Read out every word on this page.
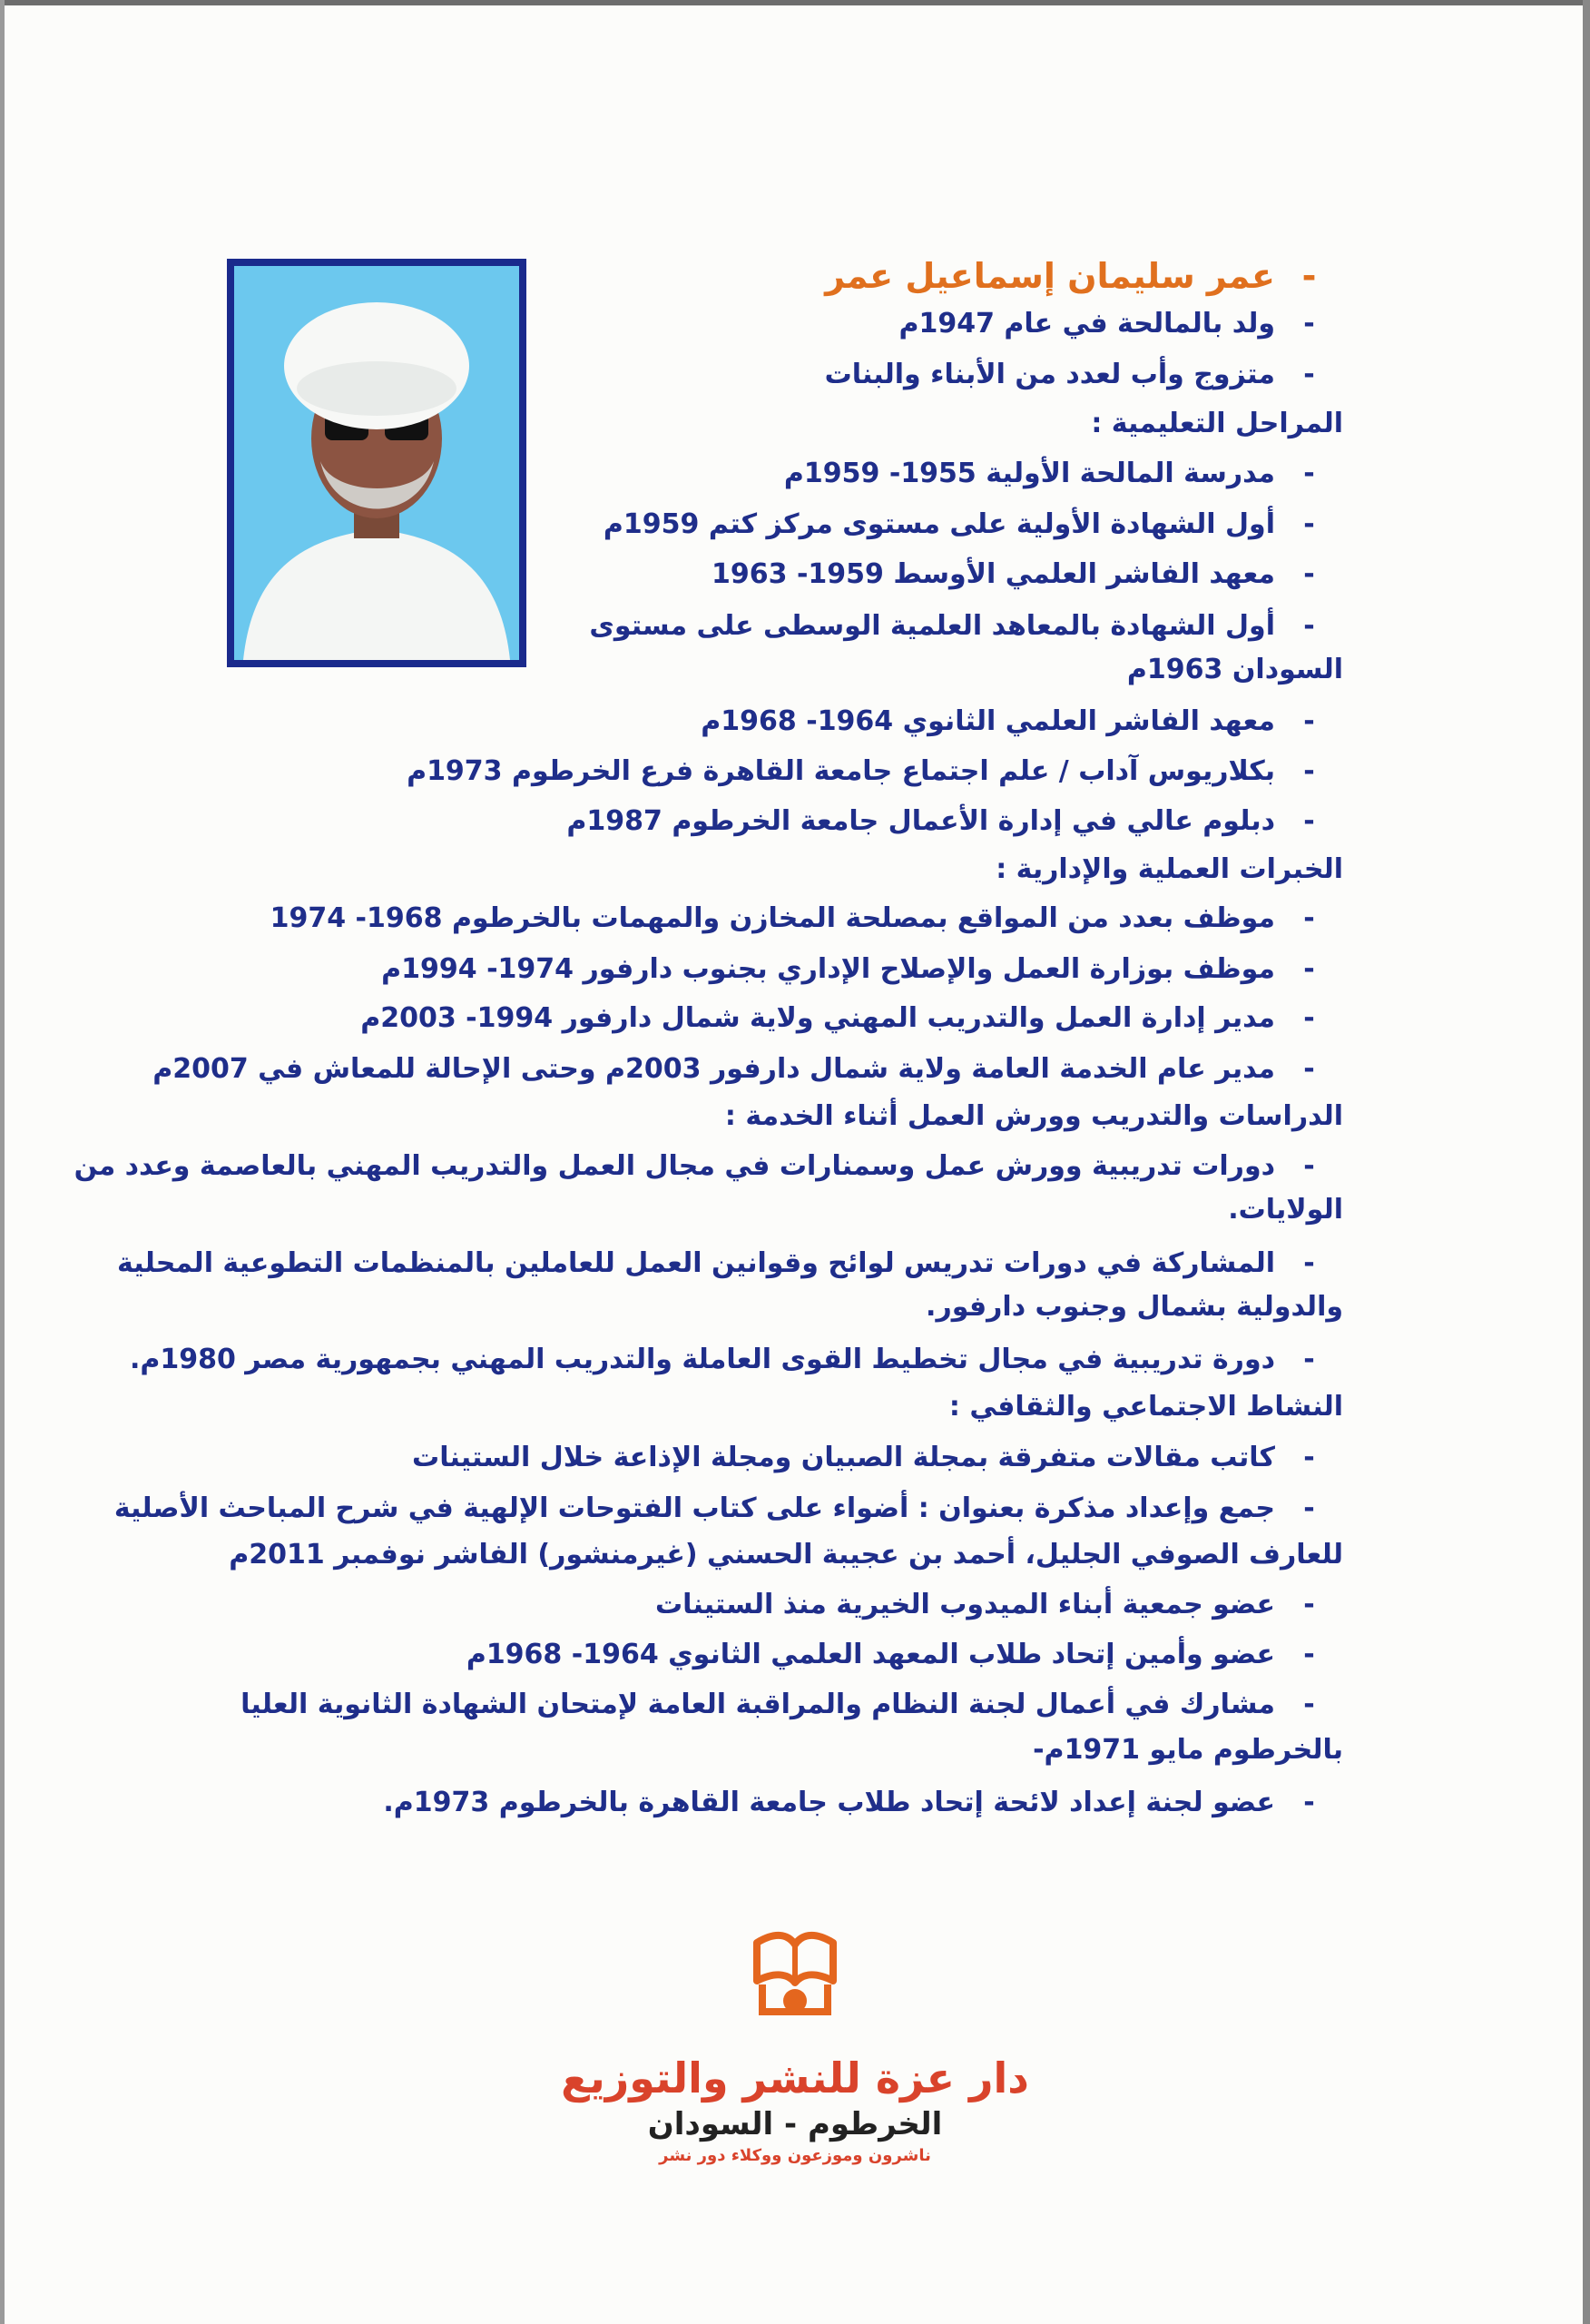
-عمر سليمان إسماعيل عمر
-ولد بالمالحة في عام 1947م
-متزوج وأب لعدد من الأبناء والبنات
المراحل التعليمية :
-مدرسة المالحة الأولية 1955- 1959م
-أول الشهادة الأولية على مستوى مركز كتم 1959م
-معهد الفاشر العلمي الأوسط 1959- 1963
-أول الشهادة بالمعاهد العلمية الوسطى على مستوى
السودان 1963م
-معهد الفاشر العلمي الثانوي 1964- 1968م
-بكلاريوس آداب / علم اجتماع جامعة القاهرة فرع الخرطوم 1973م
-دبلوم عالي في إدارة الأعمال جامعة الخرطوم 1987م
الخبرات العملية والإدارية :
-موظف بعدد من المواقع بمصلحة المخازن والمهمات بالخرطوم 1968- 1974
-موظف بوزارة العمل والإصلاح الإداري بجنوب دارفور 1974- 1994م
-مدير إدارة العمل والتدريب المهني ولاية شمال دارفور 1994- 2003م
-مدير عام الخدمة العامة ولاية شمال دارفور 2003م وحتى الإحالة للمعاش في 2007م
الدراسات والتدريب وورش العمل أثناء الخدمة :
-دورات تدريبية وورش عمل وسمنارات في مجال العمل والتدريب المهني بالعاصمة وعدد من
الولايات.
-المشاركة في دورات تدريس لوائح وقوانين العمل للعاملين بالمنظمات التطوعية المحلية
والدولية بشمال وجنوب دارفور.
-دورة تدريبية في مجال تخطيط القوى العاملة والتدريب المهني بجمهورية مصر 1980م.
النشاط الاجتماعي والثقافي :
-كاتب مقالات متفرقة بمجلة الصبيان ومجلة الإذاعة خلال الستينات
-جمع وإعداد مذكرة بعنوان : أضواء على كتاب الفتوحات الإلهية في شرح المباحث الأصلية
للعارف الصوفي الجليل، أحمد بن عجيبة الحسني (غيرمنشور) الفاشر نوفمبر 2011م
-عضو جمعية أبناء الميدوب الخيرية منذ الستينات
-عضو وأمين إتحاد طلاب المعهد العلمي الثانوي 1964- 1968م
-مشارك في أعمال لجنة النظام والمراقبة العامة لإمتحان الشهادة الثانوية العليا
بالخرطوم مايو 1971م-
-عضو لجنة إعداد لائحة إتحاد طلاب جامعة القاهرة بالخرطوم 1973م.
دار عزة للنشر والتوزيع
الخرطوم - السودان
ناشرون وموزعون ووكلاء دور نشر
